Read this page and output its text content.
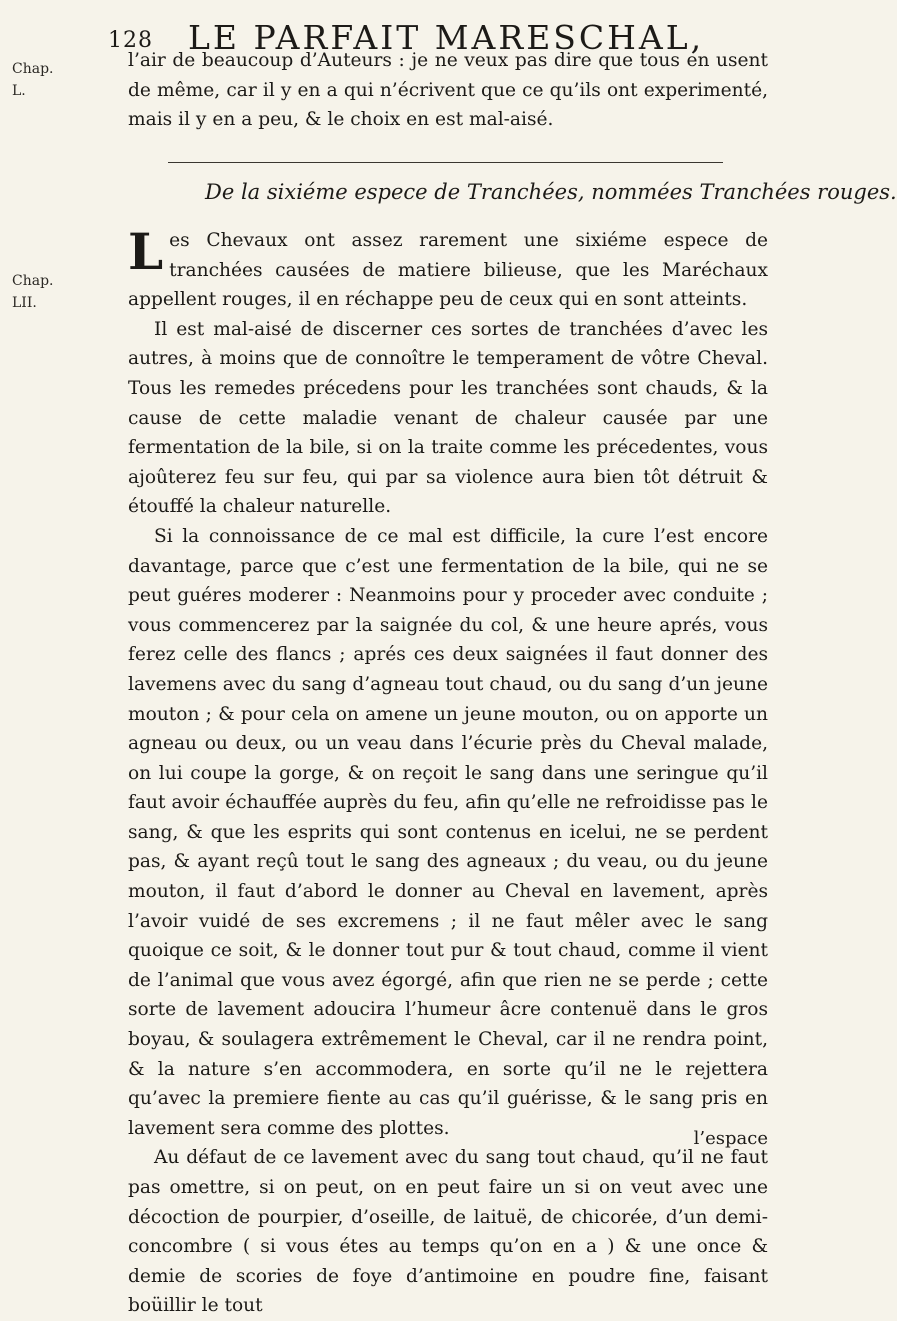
128 LE PARFAIT MARESCHAL,
Chap. L.
Chap. LII.

l’air de beaucoup d’Auteurs : je ne veux pas dire que tous en usent de même, car il y en a qui n’écrivent que ce qu’ils ont experimenté, mais il y en a peu, & le choix en est mal-aisé.

De la sixiéme espece de Tranchées, nommées Tranchées rouges.

Les Chevaux ont assez rarement une sixiéme espece de tranchées causées de matiere bilieuse, que les Maréchaux appellent rouges, il en réchappe peu de ceux qui en sont atteints.

Il est mal-aisé de discerner ces sortes de tranchées d’avec les autres, à moins que de connoître le temperament de vôtre Cheval. Tous les remedes précedens pour les tranchées sont chauds, & la cause de cette maladie venant de chaleur causée par une fermentation de la bile, si on la traite comme les précedentes, vous ajoûterez feu sur feu, qui par sa violence aura bien tôt détruit & étouffé la chaleur naturelle.

Si la connoissance de ce mal est difficile, la cure l’est encore davantage, parce que c’est une fermentation de la bile, qui ne se peut guéres moderer : Neanmoins pour y proceder avec conduite ; vous commencerez par la saignée du col, & une heure aprés, vous ferez celle des flancs ; aprés ces deux saignées il faut donner des lavemens avec du sang d’agneau tout chaud, ou du sang d’un jeune mouton ; & pour cela on amene un jeune mouton, ou on apporte un agneau ou deux, ou un veau dans l’écurie près du Cheval malade, on lui coupe la gorge, & on reçoit le sang dans une seringue qu’il faut avoir échauffée auprès du feu, afin qu’elle ne refroidisse pas le sang, & que les esprits qui sont contenus en icelui, ne se perdent pas, & ayant reçû tout le sang des agneaux ; du veau, ou du jeune mouton, il faut d’abord le donner au Cheval en lavement, après l’avoir vuidé de ses excremens ; il ne faut mêler avec le sang quoique ce soit, & le donner tout pur & tout chaud, comme il vient de l’animal que vous avez égorgé, afin que rien ne se perde ; cette sorte de lavement adoucira l’humeur âcre contenuë dans le gros boyau, & soulagera extrêmement le Cheval, car il ne rendra point, & la nature s’en accommodera, en sorte qu’il ne le rejettera qu’avec la premiere fiente au cas qu’il guérisse, & le sang pris en lavement sera comme des plottes.

Au défaut de ce lavement avec du sang tout chaud, qu’il ne faut pas omettre, si on peut, on en peut faire un si on veut avec une décoction de pourpier, d’oseille, de laituë, de chicorée, d’un demi-concombre ( si vous étes au temps qu’on en a ) & une once & demie de scories de foye d’antimoine en poudre fine, faisant boüillir le tout

l’espace
